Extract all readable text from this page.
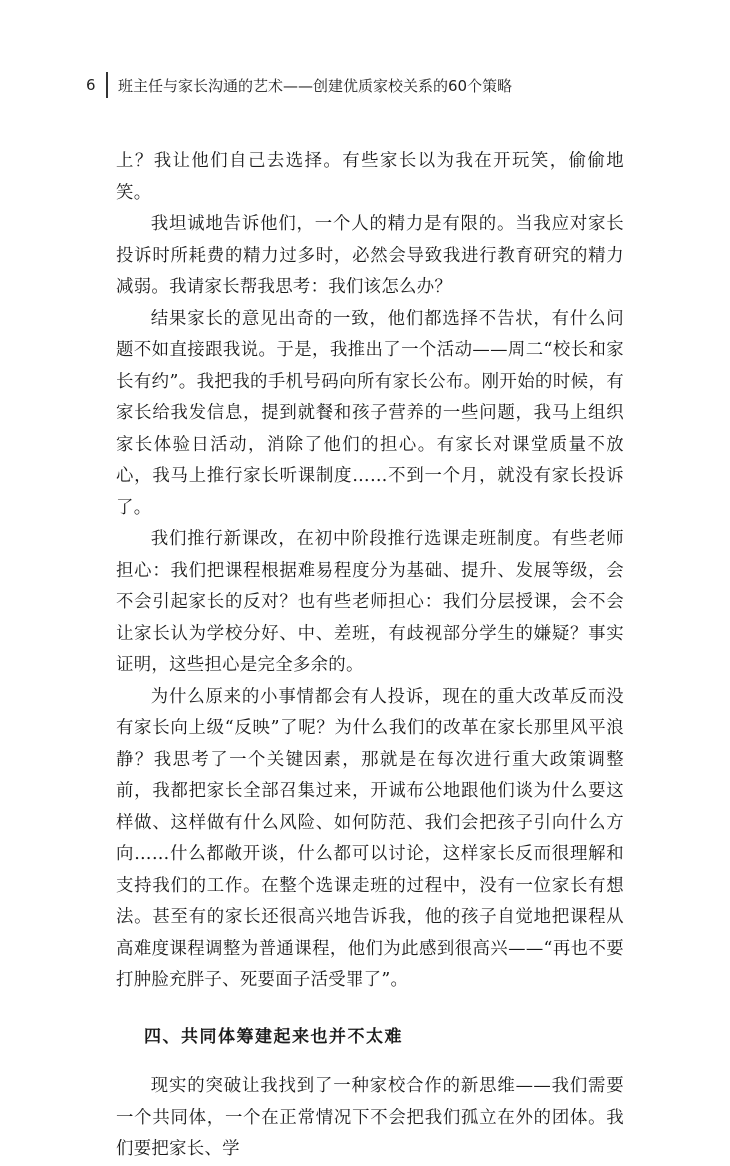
6 班主任与家长沟通的艺术——创建优质家校关系的60个策略

上？我让他们自己去选择。有些家长以为我在开玩笑，偷偷地笑。

我坦诚地告诉他们，一个人的精力是有限的。当我应对家长投诉时所耗费的精力过多时，必然会导致我进行教育研究的精力减弱。我请家长帮我思考：我们该怎么办？

结果家长的意见出奇的一致，他们都选择不告状，有什么问题不如直接跟我说。于是，我推出了一个活动——周二“校长和家长有约”。我把我的手机号码向所有家长公布。刚开始的时候，有家长给我发信息，提到就餐和孩子营养的一些问题，我马上组织家长体验日活动，消除了他们的担心。有家长对课堂质量不放心，我马上推行家长听课制度……不到一个月，就没有家长投诉了。

我们推行新课改，在初中阶段推行选课走班制度。有些老师担心：我们把课程根据难易程度分为基础、提升、发展等级，会不会引起家长的反对？也有些老师担心：我们分层授课，会不会让家长认为学校分好、中、差班，有歧视部分学生的嫌疑？事实证明，这些担心是完全多余的。

为什么原来的小事情都会有人投诉，现在的重大改革反而没有家长向上级“反映”了呢？为什么我们的改革在家长那里风平浪静？我思考了一个关键因素，那就是在每次进行重大政策调整前，我都把家长全部召集过来，开诚布公地跟他们谈为什么要这样做、这样做有什么风险、如何防范、我们会把孩子引向什么方向……什么都敞开谈，什么都可以讨论，这样家长反而很理解和支持我们的工作。在整个选课走班的过程中，没有一位家长有想法。甚至有的家长还很高兴地告诉我，他的孩子自觉地把课程从高难度课程调整为普通课程，他们为此感到很高兴——“再也不要打肿脸充胖子、死要面子活受罪了”。

四、共同体筹建起来也并不太难

现实的突破让我找到了一种家校合作的新思维——我们需要一个共同体，一个在正常情况下不会把我们孤立在外的团体。我们要把家长、学
